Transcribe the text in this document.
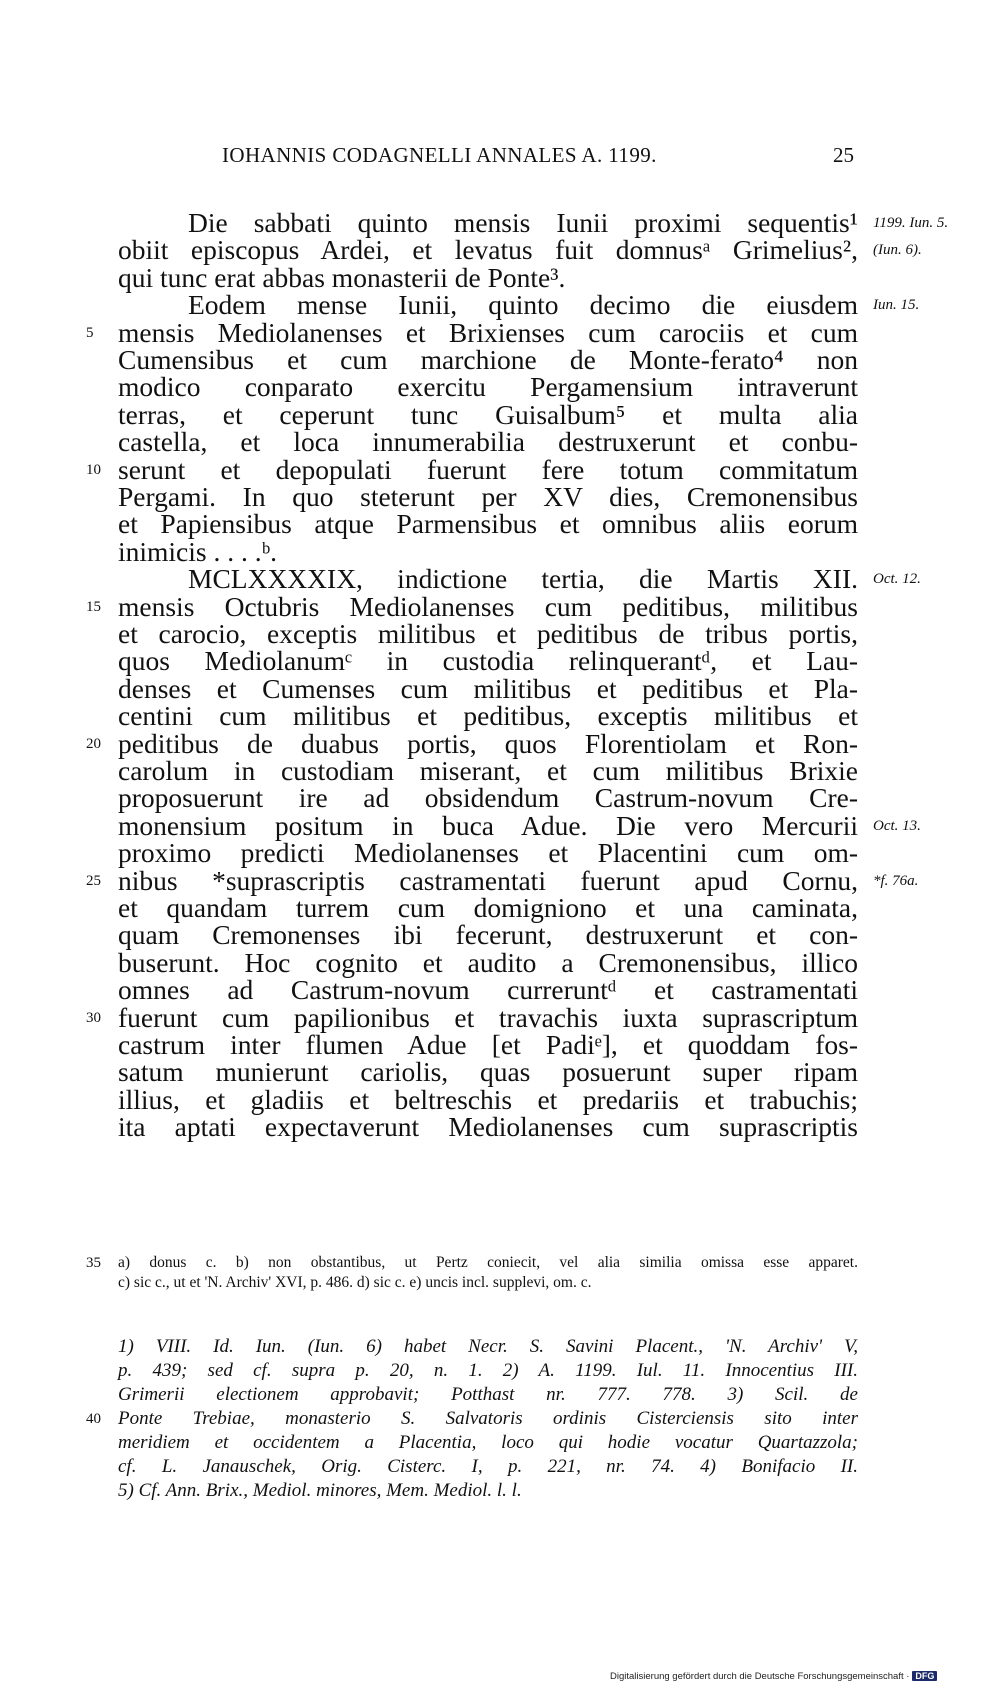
IOHANNIS CODAGNELLI ANNALES A. 1199.	25
Die sabbati quinto mensis Iunii proximi sequentis¹ 1199. Iun. 5.
obiit episcopus Ardei, et levatus fuit domnusᵃ Grimelius², (Iun. 6).
qui tunc erat abbas monasterii de Ponte³.
Eodem mense Iunii, quinto decimo die eiusdem Iun. 15.
mensis Mediolanenses et Brixienses cum carociis et cum
5
Cumensibus et cum marchione de Monte-ferato⁴ non
modico conparato exercitu Pergamensium intraverunt
terras, et ceperunt tunc Guisalbum⁵ et multa alia
castella, et loca innumerabilia destruxerunt et conbu-
serunt et depopulati fuerunt fere totum commitatum
10
Pergami. In quo steterunt per XV dies, Cremonensibus
et Papiensibus atque Parmensibus et omnibus aliis eorum
inimicis . . . .ᵇ.
MCLXXXXIX, indictione tertia, die Martis XII. Oct. 12.
mensis Octubris Mediolanenses cum peditibus, militibus
15
et carocio, exceptis militibus et peditibus de tribus portis,
quos Mediolanumᶜ in custodia relinquerantᵈ, et Lau-
denses et Cumenses cum militibus et peditibus et Pla-
centini cum militibus et peditibus, exceptis militibus et
peditibus de duabus portis, quos Florentiolam et Ron-
20
carolum in custodiam miserant, et cum militibus Brixie
proposuerunt ire ad obsidendum Castrum-novum Cre-
monensium positum in buca Adue. Die vero Mercurii Oct. 13.
proximo predicti Mediolanenses et Placentini cum om-
nibus *suprascriptis castramentati fuerunt apud Cornu,
25	*f. 76a.
et quandam turrem cum domigniono et una caminata,
quam Cremonenses ibi fecerunt, destruxerunt et con-
buserunt. Hoc cognito et audito a Cremonensibus, illico
omnes ad Castrum-novum curreruntᵈ et castramentati
fuerunt cum papilionibus et travachis iuxta suprascriptum
30
castrum inter flumen Adue [et Padiᵉ], et quoddam fos-
satum munierunt cariolis, quas posuerunt super ripam
illius, et gladiis et beltreschis et predariis et trabuchis;
ita aptati expectaverunt Mediolanenses cum suprascriptis
a) donus c. b) non obstantibus, ut Pertz coniecit, vel alia similia omissa esse apparet.
35
c) sic c., ut et 'N. Archiv' XVI, p. 486. d) sic c. e) uncis incl. supplevi, om. c.
1) VIII. Id. Iun. (Iun. 6) habet Necr. S. Savini Placent., 'N. Archiv' V,
p. 439; sed cf. supra p. 20, n. 1. 2) A. 1199. Iul. 11. Innocentius III.
Grimerii electionem approbavit; Potthast nr. 777. 778. 3) Scil. de
Ponte Trebiae, monasterio S. Salvatoris ordinis Cisterciensis sito inter
40
meridiem et occidentem a Placentia, loco qui hodie vocatur Quartazzola;
cf. L. Janauschek, Orig. Cisterc. I, p. 221, nr. 74. 4) Bonifacio II.
5) Cf. Ann. Brix., Mediol. minores, Mem. Mediol. l. l.
Digitalisierung gefördert durch die Deutsche Forschungsgemeinschaft · DFG
